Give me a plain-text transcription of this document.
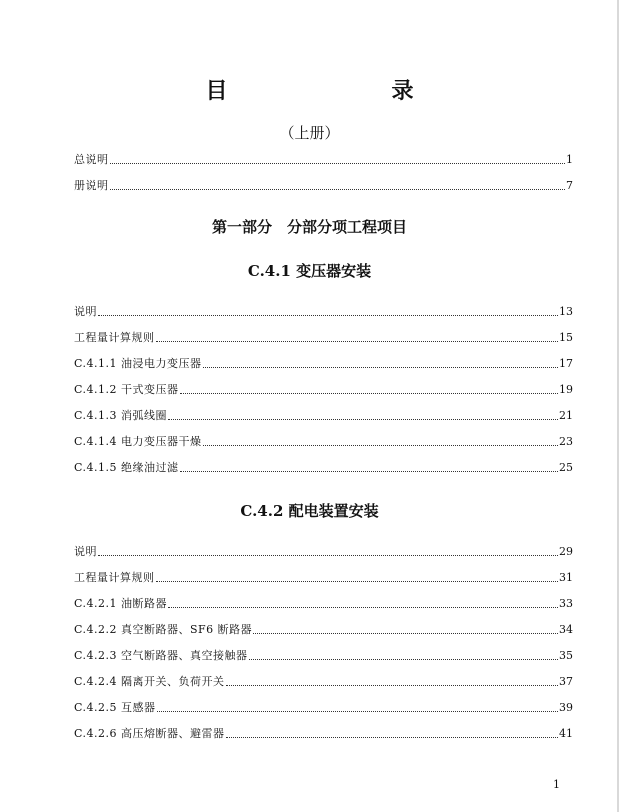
目　　录
（上册）
总说明	1
册说明	7
第一部分　分部分项工程项目
C.4.1 变压器安装
说明	13
工程量计算规则	15
C.4.1.1 油浸电力变压器	17
C.4.1.2 干式变压器	19
C.4.1.3 消弧线圈	21
C.4.1.4 电力变压器干燥	23
C.4.1.5 绝缘油过滤	25
C.4.2 配电装置安装
说明	29
工程量计算规则	31
C.4.2.1 油断路器	33
C.4.2.2 真空断路器、SF6 断路器	34
C.4.2.3 空气断路器、真空接触器	35
C.4.2.4 隔离开关、负荷开关	37
C.4.2.5 互感器	39
C.4.2.6 高压熔断器、避雷器	41
1
